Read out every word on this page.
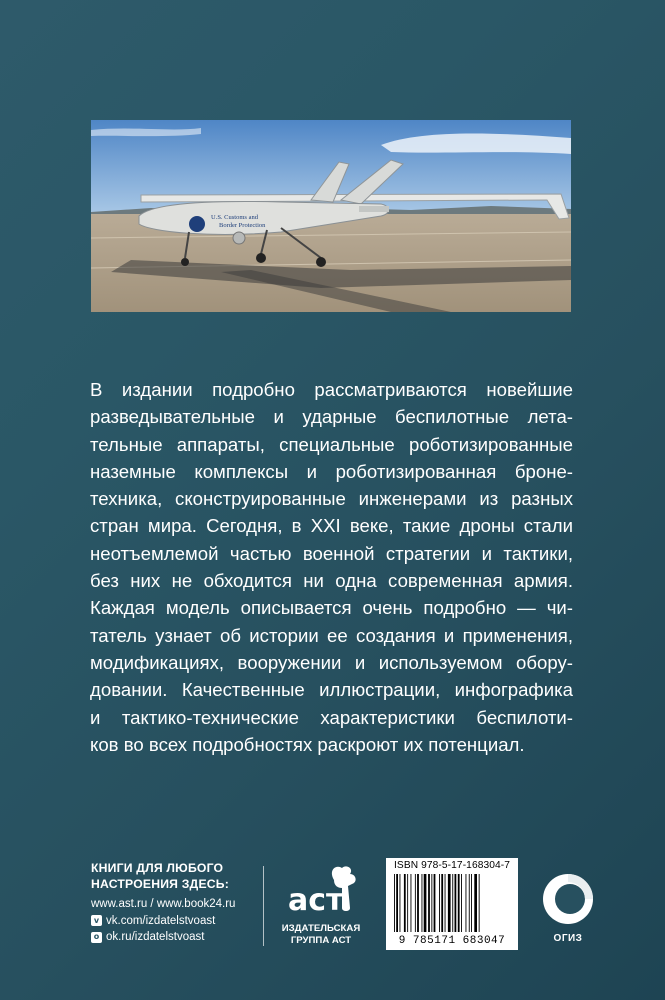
U.S. Customs and
Border Protection
В издании подробно рассматриваются новейшие
разведывательные и ударные беспилотные лета-
тельные аппараты, специальные роботизированные
наземные комплексы и роботизированная броне-
техника, сконструированные инженерами из разных
стран мира. Сегодня, в XXI веке, такие дроны стали
неотъемлемой частью военной стратегии и тактики,
без них не обходится ни одна современная армия.
Каждая модель описывается очень подробно — чи-
татель узнает об истории ее создания и применения,
модификациях, вооружении и используемом обору-
довании. Качественные иллюстрации, инфографика
и тактико-технические характеристики беспилоти-
ков во всех подробностях раскроют их потенциал.
КНИГИ ДЛЯ ЛЮБОГО
НАСТРОЕНИЯ ЗДЕСЬ:
www.ast.ru / www.book24.ru
v vk.com/izdatelstvoast
o ok.ru/izdatelstvoast
аст
ИЗДАТЕЛЬСКАЯ
ГРУППА АСТ
ISBN 978-5-17-168304-7
9 785171 683047	ОГИЗ
